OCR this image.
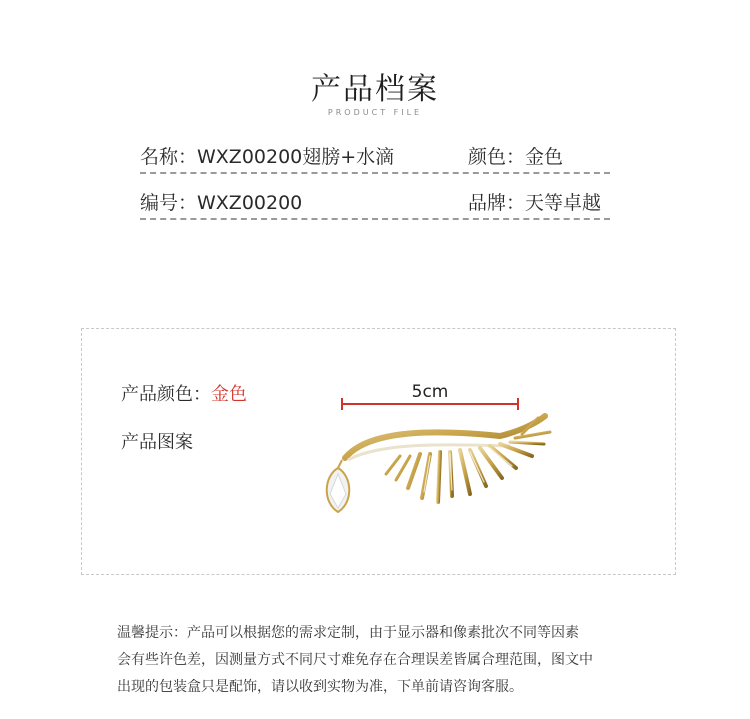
产品档案
PRODUCT FILE
名称：WXZ00200翅膀+水滴	颜色：金色
编号：WXZ00200	品牌：天等卓越
产品颜色：金色
产品图案
5cm
温馨提示：产品可以根据您的需求定制，由于显示器和像素批次不同等因素
会有些许色差，因测量方式不同尺寸难免存在合理误差皆属合理范围，图文中
出现的包装盒只是配饰，请以收到实物为准，下单前请咨询客服。
